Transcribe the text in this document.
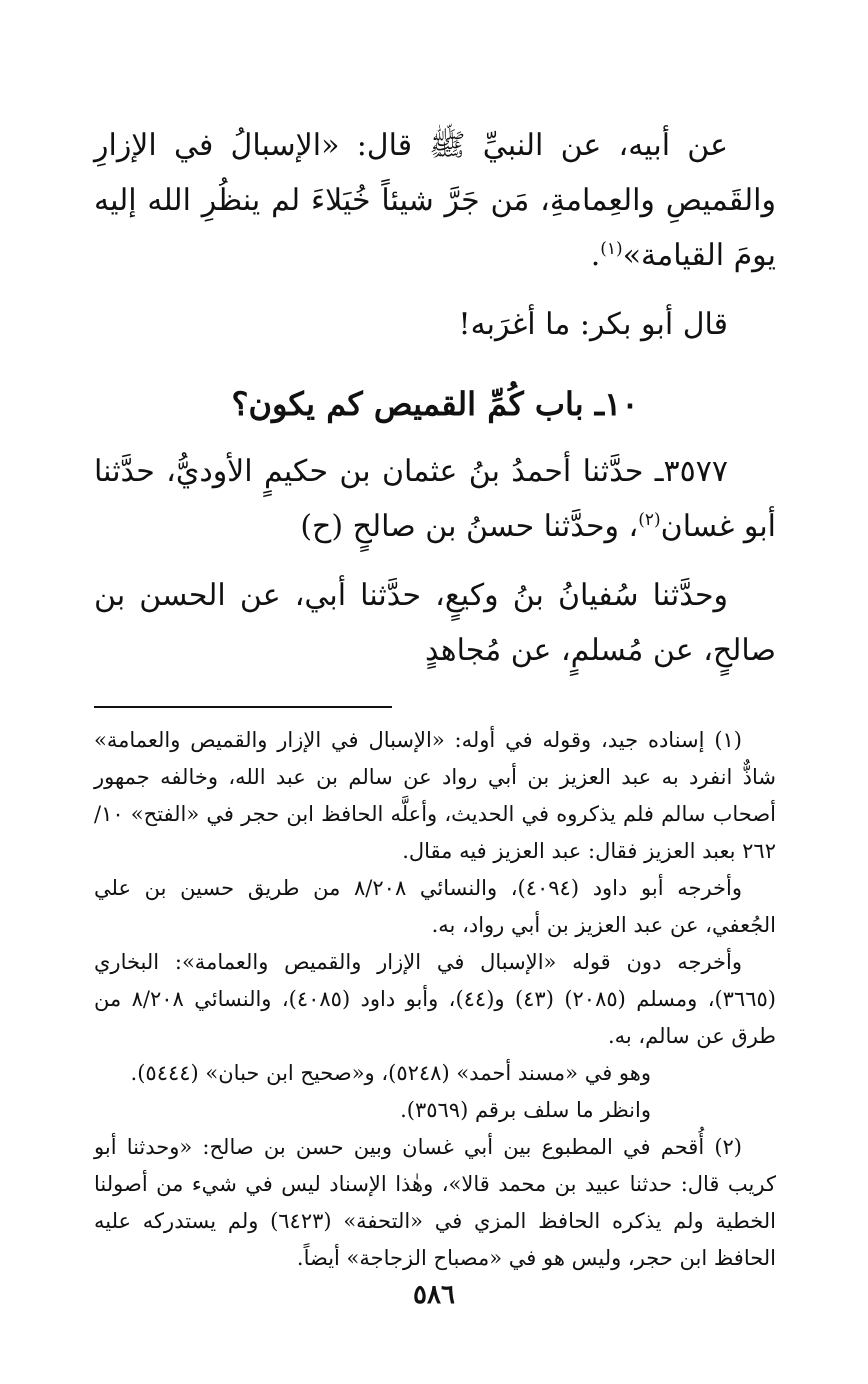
عن أبيه، عن النبيِّ ﷺ قال: «الإسبالُ في الإزارِ والقَميصِ والعِمامةِ، مَن جَرَّ شيئاً خُيَلاءَ لم ينظُرِ الله إليه يومَ القيامة»$^{(١)}$.

قال أبو بكر: ما أغرَبه!

١٠ـ باب كُمِّ القميص كم يكون؟

٣٥٧٧ـ حدَّثنا أحمدُ بنُ عثمان بن حكيمٍ الأوديُّ، حدَّثنا أبو غسان$^{(٢)}$، وحدَّثنا حسنُ بن صالحٍ (ح)

وحدَّثنا سُفيانُ بنُ وكيعٍ، حدَّثنا أبي، عن الحسن بن صالحٍ، عن مُسلمٍ، عن مُجاهدٍ

(١) إسناده جيد، وقوله في أوله: «الإسبال في الإزار والقميص والعمامة» شاذٌّ انفرد به عبد العزيز بن أبي رواد عن سالم بن عبد الله، وخالفه جمهور أصحاب سالم فلم يذكروه في الحديث، وأعلَّه الحافظ ابن حجر في «الفتح» ١٠/ ٢٦٢ بعبد العزيز فقال: عبد العزيز فيه مقال.

وأخرجه أبو داود (٤٠٩٤)، والنسائي ٨/٢٠٨ من طريق حسين بن علي الجُعفي، عن عبد العزيز بن أبي رواد، به.

وأخرجه دون قوله «الإسبال في الإزار والقميص والعمامة»: البخاري (٣٦٦٥)، ومسلم (٢٠٨٥) (٤٣) و(٤٤)، وأبو داود (٤٠٨٥)، والنسائي ٨/٢٠٨ من طرق عن سالم، به.

وهو في «مسند أحمد» (٥٢٤٨)، و«صحيح ابن حبان» (٥٤٤٤).

وانظر ما سلف برقم (٣٥٦٩).

(٢) أُقحم في المطبوع بين أبي غسان وبين حسن بن صالح: «وحدثنا أبو كريب قال: حدثنا عبيد بن محمد قالا»، وهٰذا الإسناد ليس في شيء من أصولنا الخطية ولم يذكره الحافظ المزي في «التحفة» (٦٤٢٣) ولم يستدركه عليه الحافظ ابن حجر، وليس هو في «مصباح الزجاجة» أيضاً.

٥٨٦
